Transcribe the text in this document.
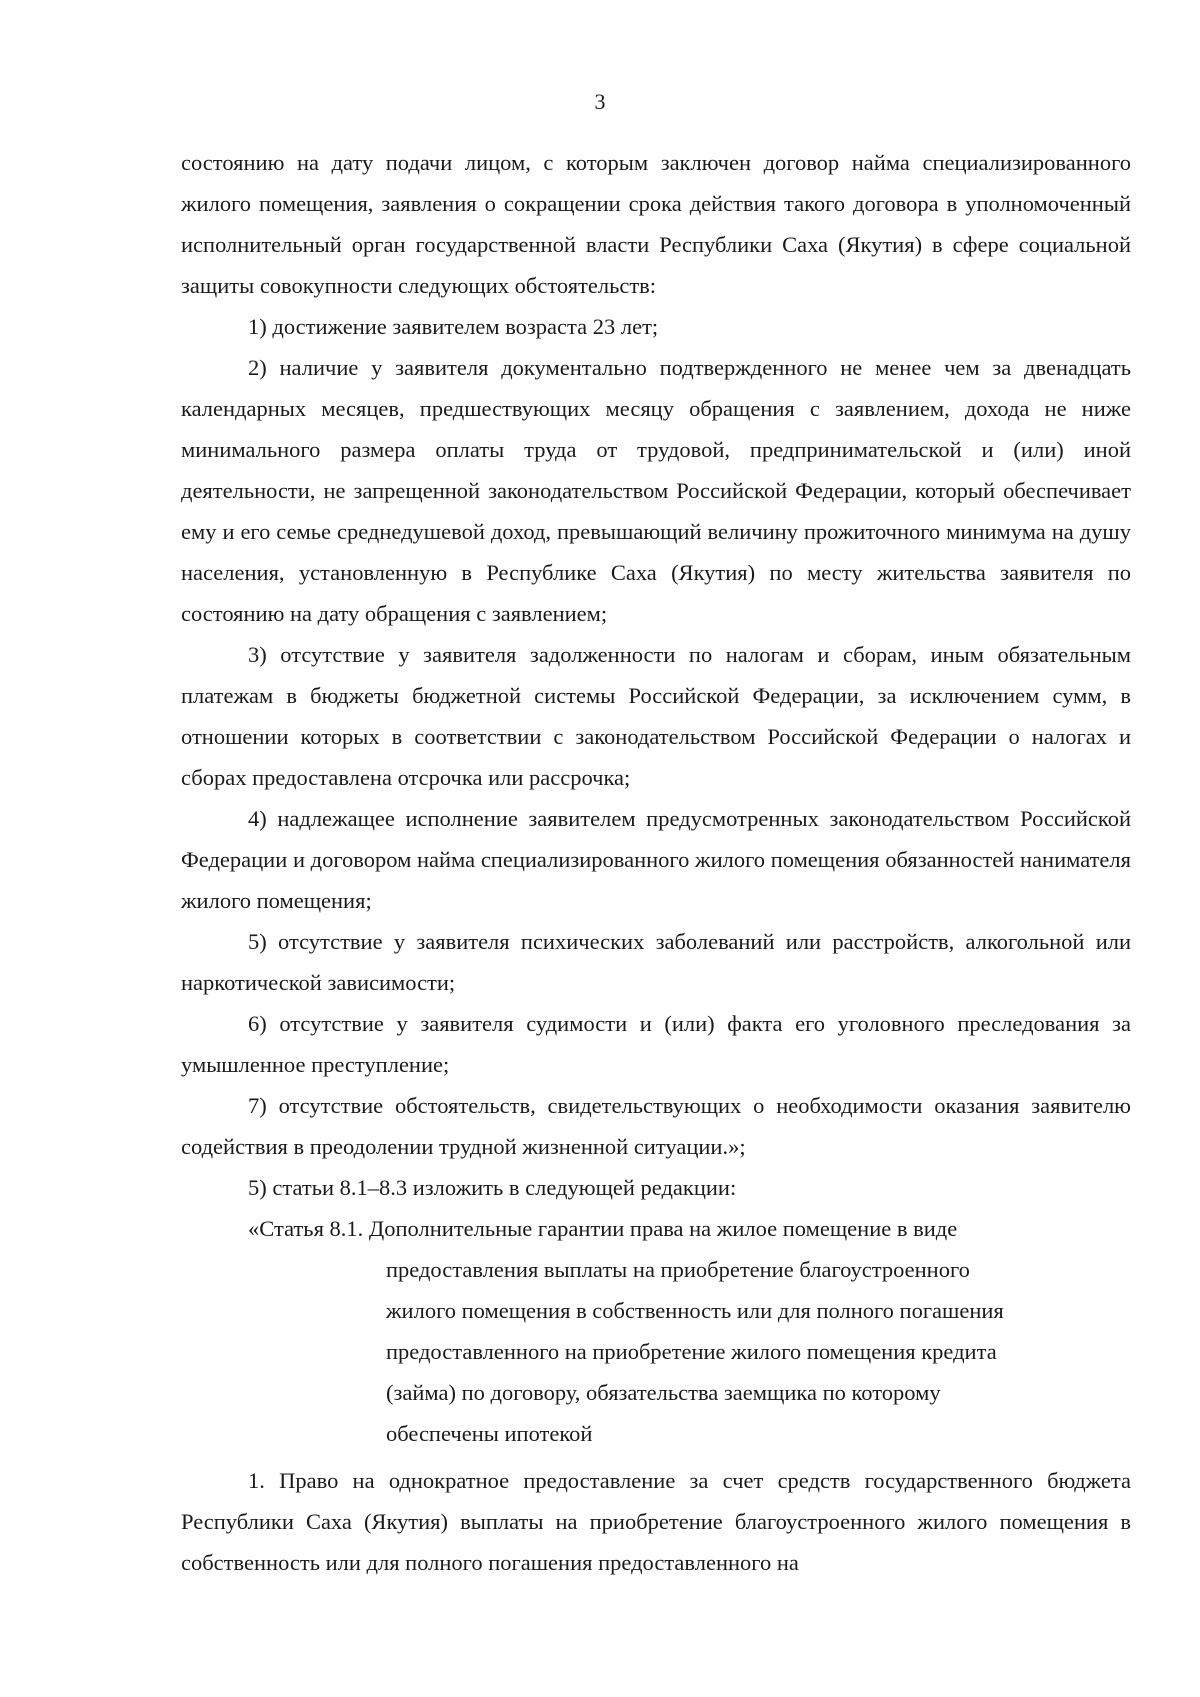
3

состоянию на дату подачи лицом, с которым заключен договор найма специализированного жилого помещения, заявления о сокращении срока действия такого договора в уполномоченный исполнительный орган государственной власти Республики Саха (Якутия) в сфере социальной защиты совокупности следующих обстоятельств:

1) достижение заявителем возраста 23 лет;

2) наличие у заявителя документально подтвержденного не менее чем за двенадцать календарных месяцев, предшествующих месяцу обращения с заявлением, дохода не ниже минимального размера оплаты труда от трудовой, предпринимательской и (или) иной деятельности, не запрещенной законодательством Российской Федерации, который обеспечивает ему и его семье среднедушевой доход, превышающий величину прожиточного минимума на душу населения, установленную в Республике Саха (Якутия) по месту жительства заявителя по состоянию на дату обращения с заявлением;

3) отсутствие у заявителя задолженности по налогам и сборам, иным обязательным платежам в бюджеты бюджетной системы Российской Федерации, за исключением сумм, в отношении которых в соответствии с законодательством Российской Федерации о налогах и сборах предоставлена отсрочка или рассрочка;

4) надлежащее исполнение заявителем предусмотренных законодательством Российской Федерации и договором найма специализированного жилого помещения обязанностей нанимателя жилого помещения;

5) отсутствие у заявителя психических заболеваний или расстройств, алкогольной или наркотической зависимости;

6) отсутствие у заявителя судимости и (или) факта его уголовного преследования за умышленное преступление;

7) отсутствие обстоятельств, свидетельствующих о необходимости оказания заявителю содействия в преодолении трудной жизненной ситуации.»;

5) статьи 8.1–8.3 изложить в следующей редакции:

«Статья 8.1. Дополнительные гарантии права на жилое помещение в виде
предоставления выплаты на приобретение благоустроенного жилого помещения в собственность или для полного погашения предоставленного на приобретение жилого помещения кредита (займа) по договору, обязательства заемщика по которому обеспечены ипотекой

1. Право на однократное предоставление за счет средств государственного бюджета Республики Саха (Якутия) выплаты на приобретение благоустроенного жилого помещения в собственность или для полного погашения предоставленного на
